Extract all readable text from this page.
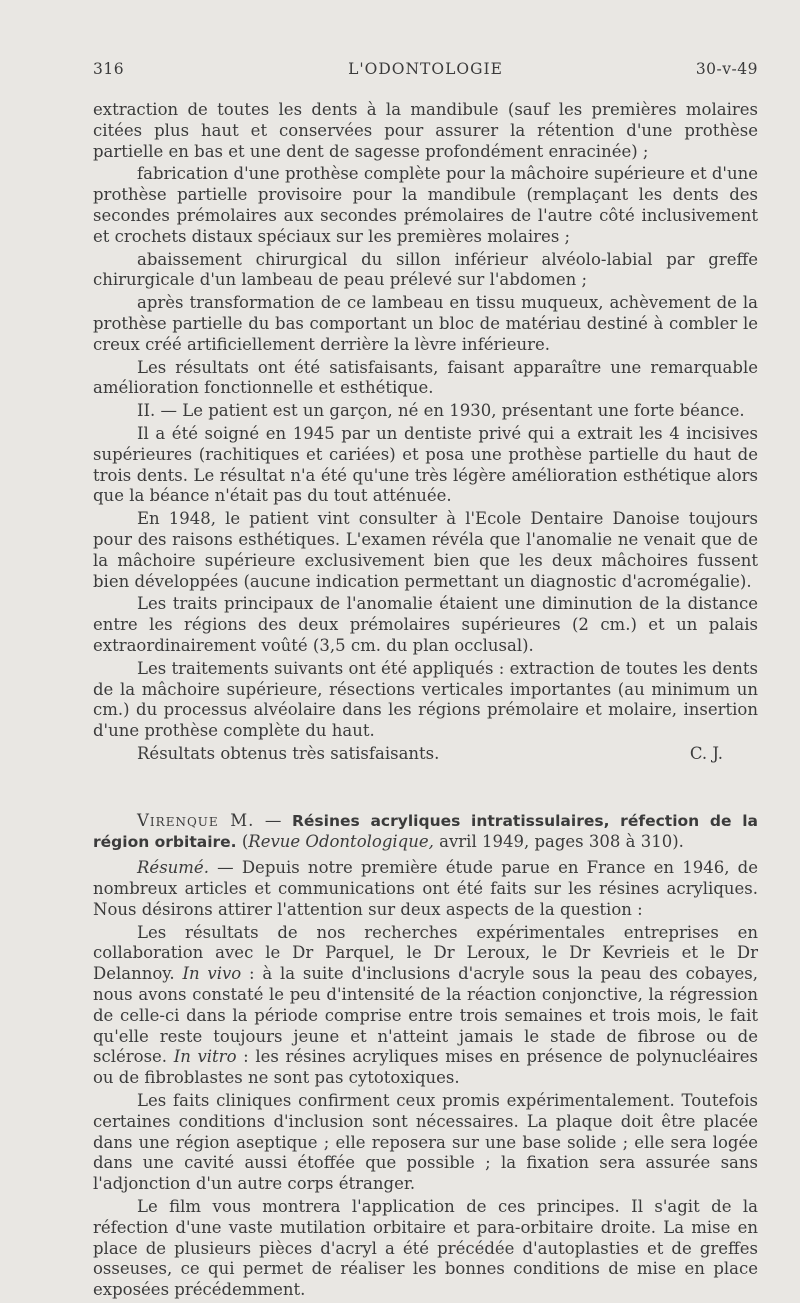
316	L'ODONTOLOGIE	30-v-49

extraction de toutes les dents à la mandibule (sauf les premières molaires citées plus haut et conservées pour assurer la rétention d'une prothèse partielle en bas et une dent de sagesse profondément enracinée) ;

fabrication d'une prothèse complète pour la mâchoire supérieure et d'une prothèse partielle provisoire pour la mandibule (remplaçant les dents des secondes prémolaires aux secondes prémolaires de l'autre côté inclusivement et crochets distaux spéciaux sur les premières molaires ;

abaissement chirurgical du sillon inférieur alvéolo-labial par greffe chirurgicale d'un lambeau de peau prélevé sur l'abdomen ;

après transformation de ce lambeau en tissu muqueux, achèvement de la prothèse partielle du bas comportant un bloc de matériau destiné à combler le creux créé artificiellement derrière la lèvre inférieure.

Les résultats ont été satisfaisants, faisant apparaître une remarquable amélioration fonctionnelle et esthétique.

II. — Le patient est un garçon, né en 1930, présentant une forte béance.

Il a été soigné en 1945 par un dentiste privé qui a extrait les 4 incisives supérieures (rachitiques et cariées) et posa une prothèse partielle du haut de trois dents. Le résultat n'a été qu'une très légère amélioration esthétique alors que la béance n'était pas du tout atténuée.

En 1948, le patient vint consulter à l'Ecole Dentaire Danoise toujours pour des raisons esthétiques. L'examen révéla que l'anomalie ne venait que de la mâchoire supérieure exclusivement bien que les deux mâchoires fussent bien développées (aucune indication permettant un diagnostic d'acromégalie).

Les traits principaux de l'anomalie étaient une diminution de la distance entre les régions des deux prémolaires supérieures (2 cm.) et un palais extraordinairement voûté (3,5 cm. du plan occlusal).

Les traitements suivants ont été appliqués : extraction de toutes les dents de la mâchoire supérieure, résections verticales importantes (au minimum un cm.) du processus alvéolaire dans les régions prémolaire et molaire, insertion d'une prothèse complète du haut.

Résultats obtenus très satisfaisants.	C. J.

Virenque M. — Résines acryliques intratissulaires, réfection de la région orbitaire. (Revue Odontologique, avril 1949, pages 308 à 310).

Résumé. — Depuis notre première étude parue en France en 1946, de nombreux articles et communications ont été faits sur les résines acryliques. Nous désirons attirer l'attention sur deux aspects de la question :

Les résultats de nos recherches expérimentales entreprises en collaboration avec le Dr Parquel, le Dr Leroux, le Dr Kevrieis et le Dr Delannoy. In vivo : à la suite d'inclusions d'acryle sous la peau des cobayes, nous avons constaté le peu d'intensité de la réaction conjonctive, la régression de celle-ci dans la période comprise entre trois semaines et trois mois, le fait qu'elle reste toujours jeune et n'atteint jamais le stade de fibrose ou de sclérose. In vitro : les résines acryliques mises en présence de polynucléaires ou de fibroblastes ne sont pas cytotoxiques.

Les faits cliniques confirment ceux promis expérimentalement. Toutefois certaines conditions d'inclusion sont nécessaires. La plaque doit être placée dans une région aseptique ; elle reposera sur une base solide ; elle sera logée dans une cavité aussi étoffée que possible ; la fixation sera assurée sans l'adjonction d'un autre corps étranger.

Le film vous montrera l'application de ces principes. Il s'agit de la réfection d'une vaste mutilation orbitaire et para-orbitaire droite. La mise en place de plusieurs pièces d'acryl a été précédée d'autoplasties et de greffes osseuses, ce qui permet de réaliser les bonnes conditions de mise en place exposées précédemment.
